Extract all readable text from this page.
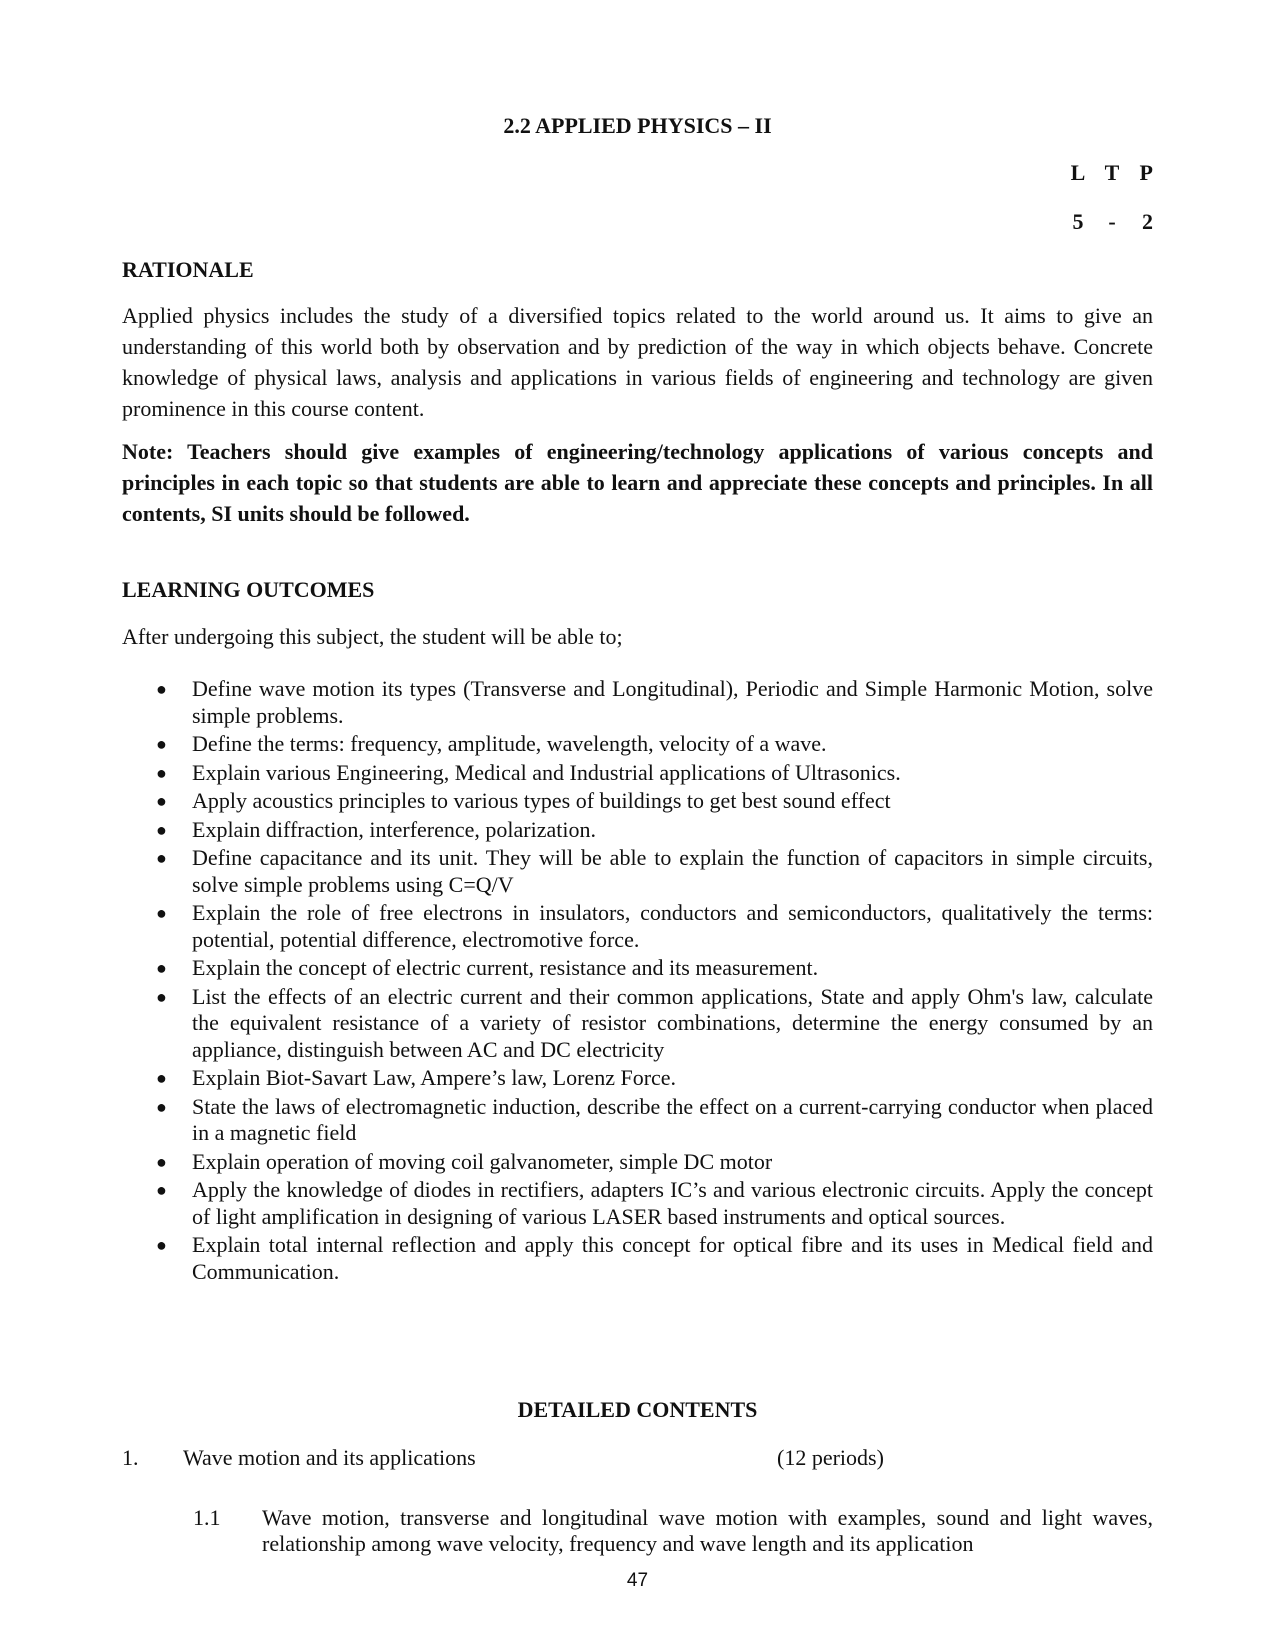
2.2 APPLIED PHYSICS – II
L T P
5	-	2
RATIONALE
Applied physics includes the study of a diversified topics related to the world around us. It aims to give an understanding of this world both by observation and by prediction of the way in which objects behave. Concrete knowledge of physical laws, analysis and applications in various fields of engineering and technology are given prominence in this course content.
Note: Teachers should give examples of engineering/technology applications of various concepts and principles in each topic so that students are able to learn and appreciate these concepts and principles. In all contents, SI units should be followed.
LEARNING OUTCOMES
After undergoing this subject, the student will be able to;
● Define wave motion its types (Transverse and Longitudinal), Periodic and Simple Harmonic Motion, solve simple problems.
● Define the terms: frequency, amplitude, wavelength, velocity of a wave.
● Explain various Engineering, Medical and Industrial applications of Ultrasonics.
● Apply acoustics principles to various types of buildings to get best sound effect
● Explain diffraction, interference, polarization.
● Define capacitance and its unit. They will be able to explain the function of capacitors in simple circuits, solve simple problems using C=Q/V
● Explain the role of free electrons in insulators, conductors and semiconductors, qualitatively the terms: potential, potential difference, electromotive force.
● Explain the concept of electric current, resistance and its measurement.
● List the effects of an electric current and their common applications, State and apply Ohm's law, calculate the equivalent resistance of a variety of resistor combinations, determine the energy consumed by an appliance, distinguish between AC and DC electricity
● Explain Biot-Savart Law, Ampere’s law, Lorenz Force.
● State the laws of electromagnetic induction, describe the effect on a current-carrying conductor when placed in a magnetic field
● Explain operation of moving coil galvanometer, simple DC motor
● Apply the knowledge of diodes in rectifiers, adapters IC’s and various electronic circuits. Apply the concept of light amplification in designing of various LASER based instruments and optical sources.
● Explain total internal reflection and apply this concept for optical fibre and its uses in Medical field and Communication.
DETAILED CONTENTS
1. Wave motion and its applications	(12 periods)
1.1 Wave motion, transverse and longitudinal wave motion with examples, sound and light waves, relationship among wave velocity, frequency and wave length and its application
47
